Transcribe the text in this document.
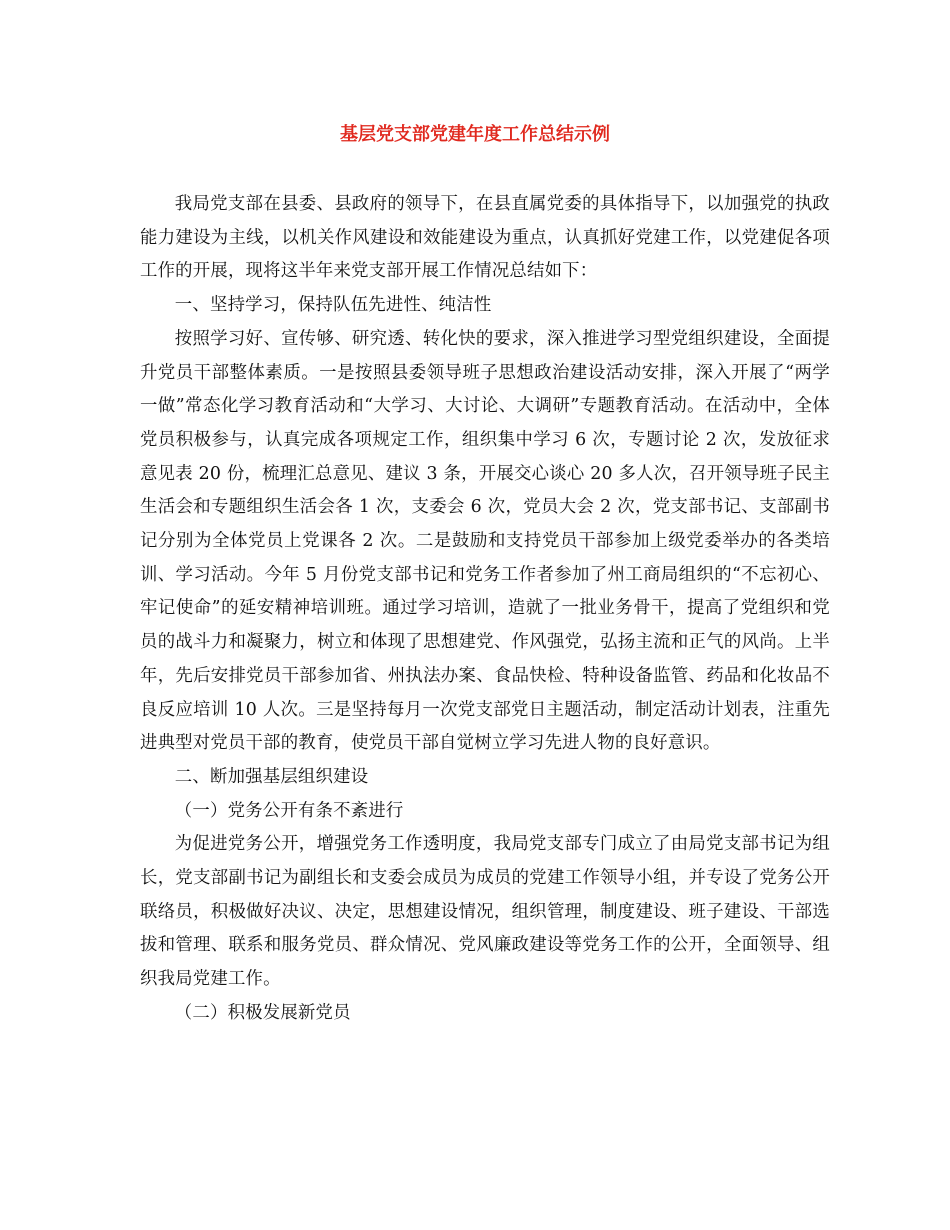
基层党支部党建年度工作总结示例

我局党支部在县委、县政府的领导下，在县直属党委的具体指导下，以加强党的执政能力建设为主线，以机关作风建设和效能建设为重点，认真抓好党建工作，以党建促各项工作的开展，现将这半年来党支部开展工作情况总结如下：

一、坚持学习，保持队伍先进性、纯洁性

按照学习好、宣传够、研究透、转化快的要求，深入推进学习型党组织建设，全面提升党员干部整体素质。一是按照县委领导班子思想政治建设活动安排，深入开展了“两学一做”常态化学习教育活动和“大学习、大讨论、大调研”专题教育活动。在活动中，全体党员积极参与，认真完成各项规定工作，组织集中学习 6 次，专题讨论 2 次，发放征求意见表 20 份，梳理汇总意见、建议 3 条，开展交心谈心 20 多人次，召开领导班子民主生活会和专题组织生活会各 1 次，支委会 6 次，党员大会 2 次，党支部书记、支部副书记分别为全体党员上党课各 2 次。二是鼓励和支持党员干部参加上级党委举办的各类培训、学习活动。今年 5 月份党支部书记和党务工作者参加了州工商局组织的“不忘初心、牢记使命”的延安精神培训班。通过学习培训，造就了一批业务骨干，提高了党组织和党员的战斗力和凝聚力，树立和体现了思想建党、作风强党，弘扬主流和正气的风尚。上半年，先后安排党员干部参加省、州执法办案、食品快检、特种设备监管、药品和化妆品不良反应培训 10 人次。三是坚持每月一次党支部党日主题活动，制定活动计划表，注重先进典型对党员干部的教育，使党员干部自觉树立学习先进人物的良好意识。

二、断加强基层组织建设

（一）党务公开有条不紊进行

为促进党务公开，增强党务工作透明度，我局党支部专门成立了由局党支部书记为组长，党支部副书记为副组长和支委会成员为成员的党建工作领导小组，并专设了党务公开联络员，积极做好决议、决定，思想建设情况，组织管理，制度建设、班子建设、干部选拔和管理、联系和服务党员、群众情况、党风廉政建设等党务工作的公开，全面领导、组织我局党建工作。

（二）积极发展新党员
